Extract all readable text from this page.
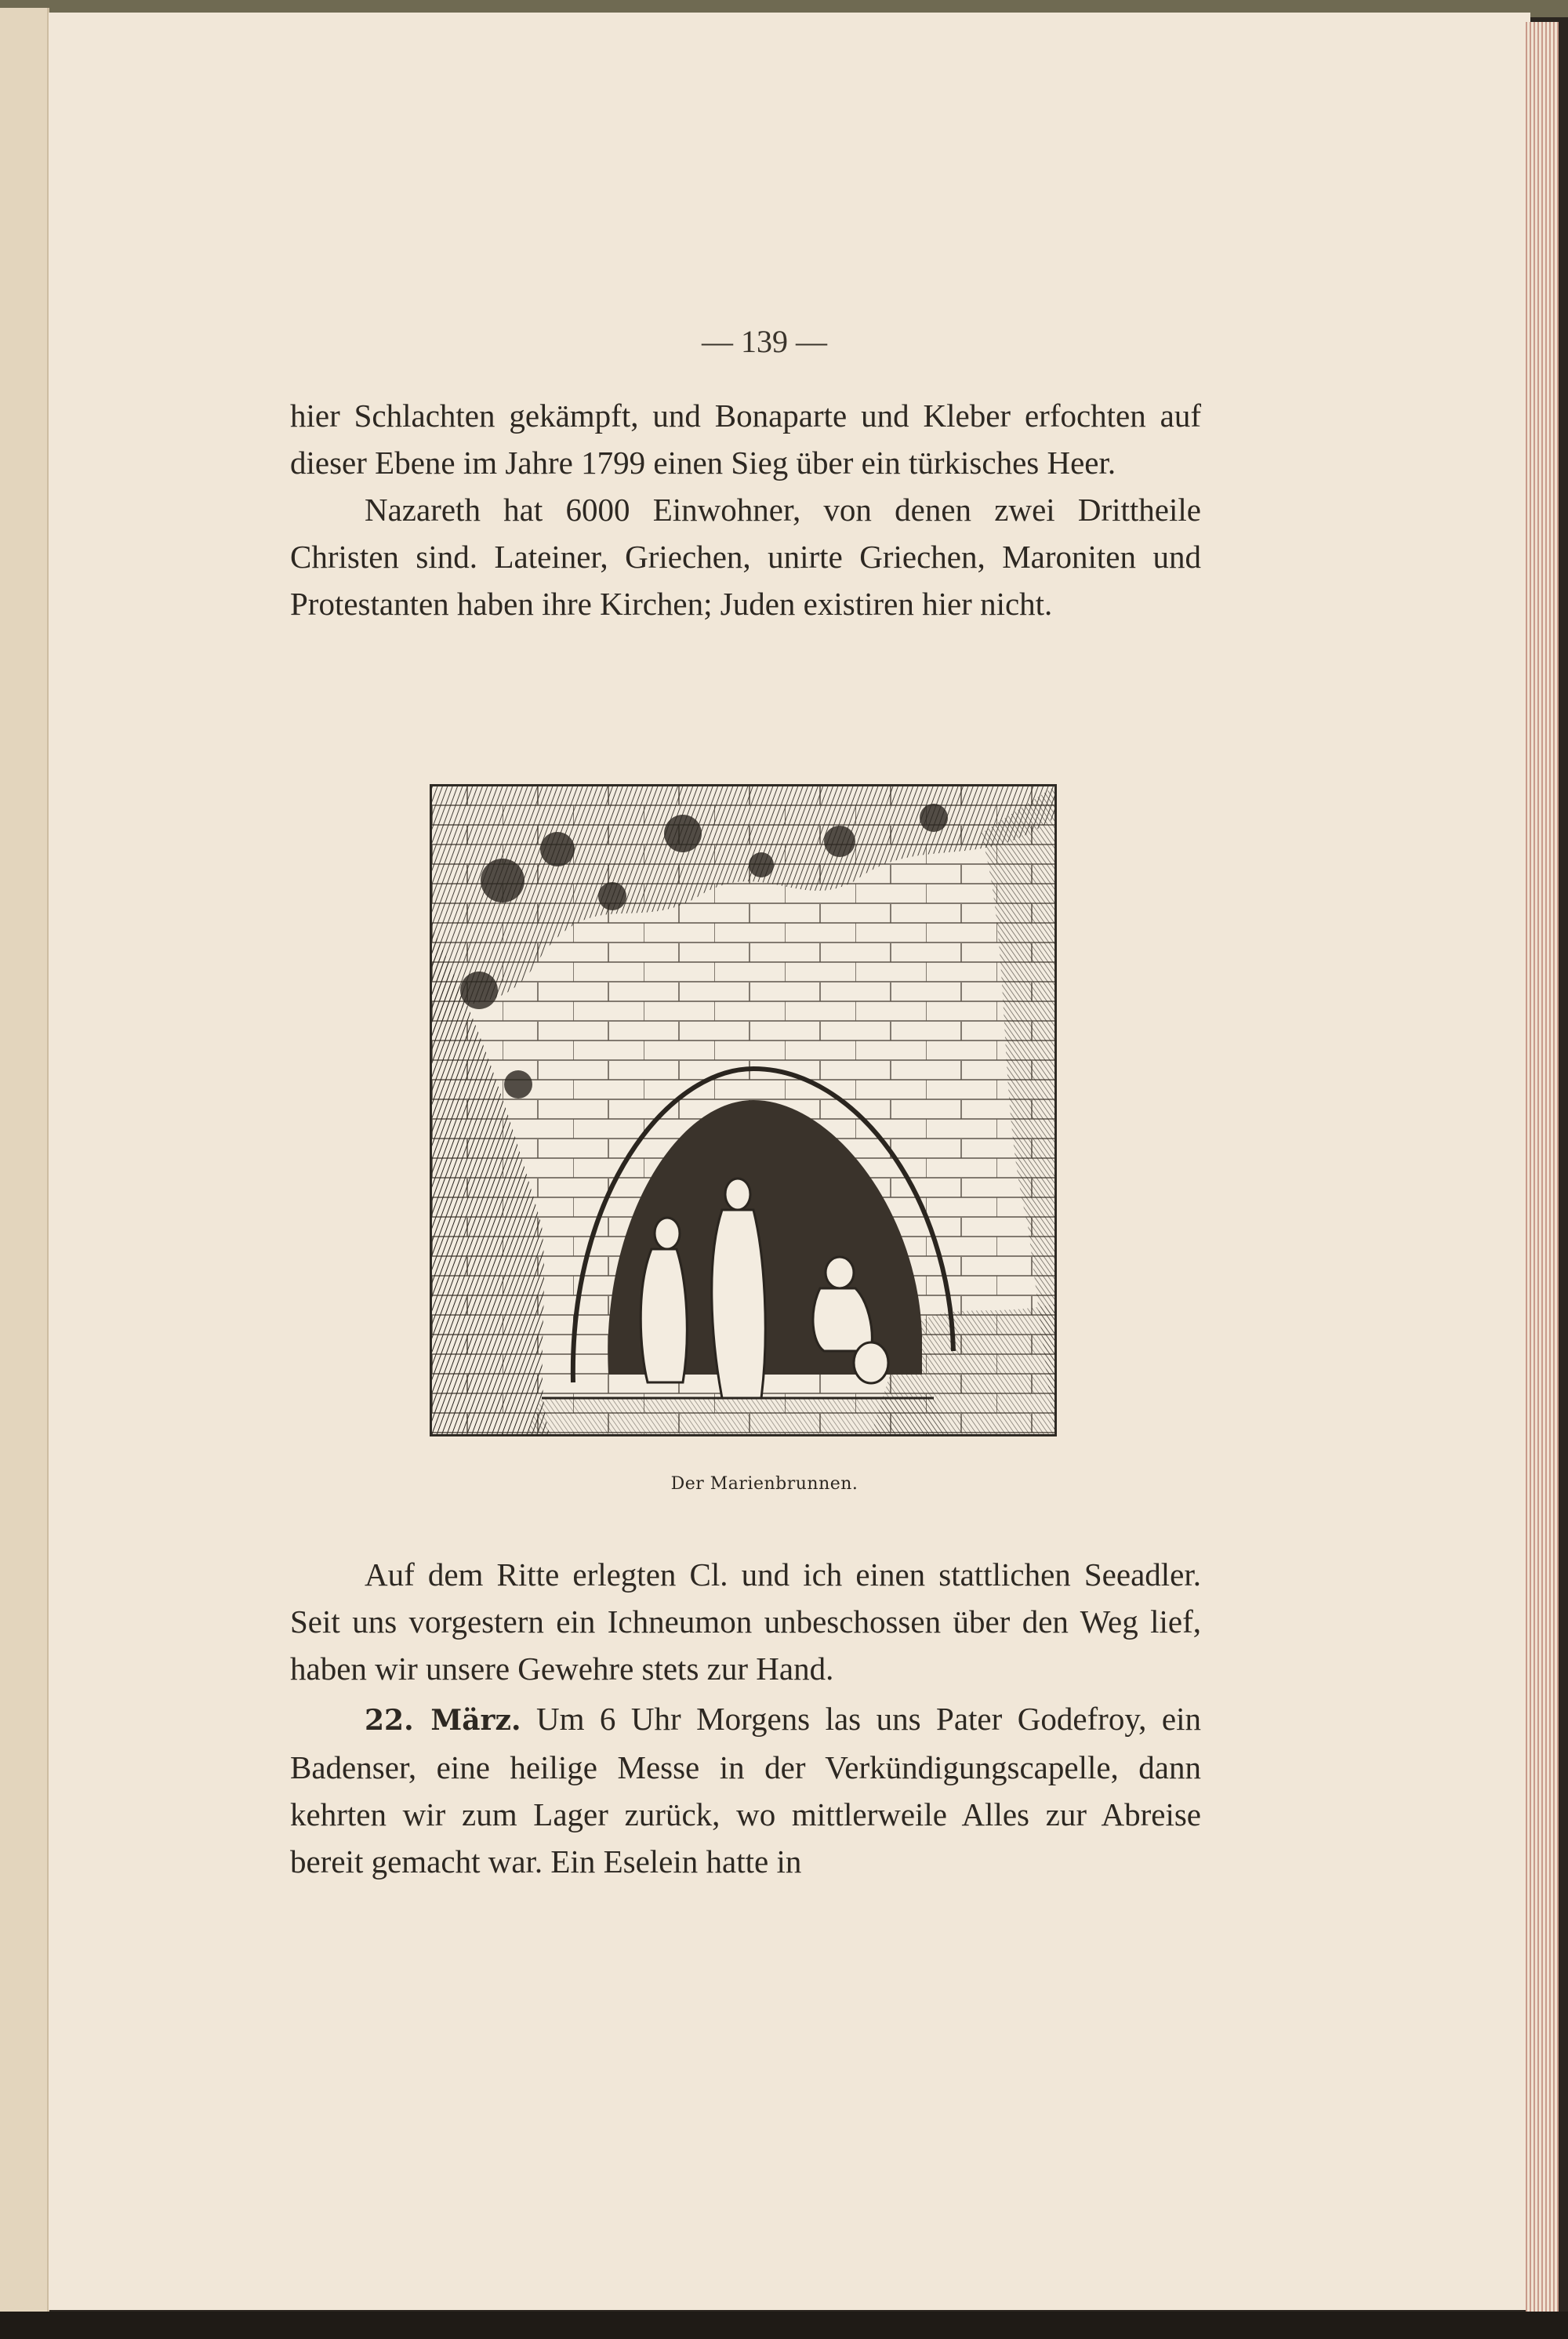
— 139 —

hier Schlachten gekämpft, und Bonaparte und Kleber erfochten auf dieser Ebene im Jahre 1799 einen Sieg über ein türkisches Heer.

Nazareth hat 6000 Einwohner, von denen zwei Drittheile Christen sind. Lateiner, Griechen, unirte Griechen, Maroniten und Protestanten haben ihre Kirchen; Juden existiren hier nicht.

Der Marienbrunnen.

Auf dem Ritte erlegten Cl. und ich einen stattlichen Seeadler. Seit uns vorgestern ein Ichneumon unbeschossen über den Weg lief, haben wir unsere Gewehre stets zur Hand.

22. März. Um 6 Uhr Morgens las uns Pater Godefroy, ein Badenser, eine heilige Messe in der Verkündigungscapelle, dann kehrten wir zum Lager zurück, wo mittlerweile Alles zur Abreise bereit gemacht war. Ein Eselein hatte in
